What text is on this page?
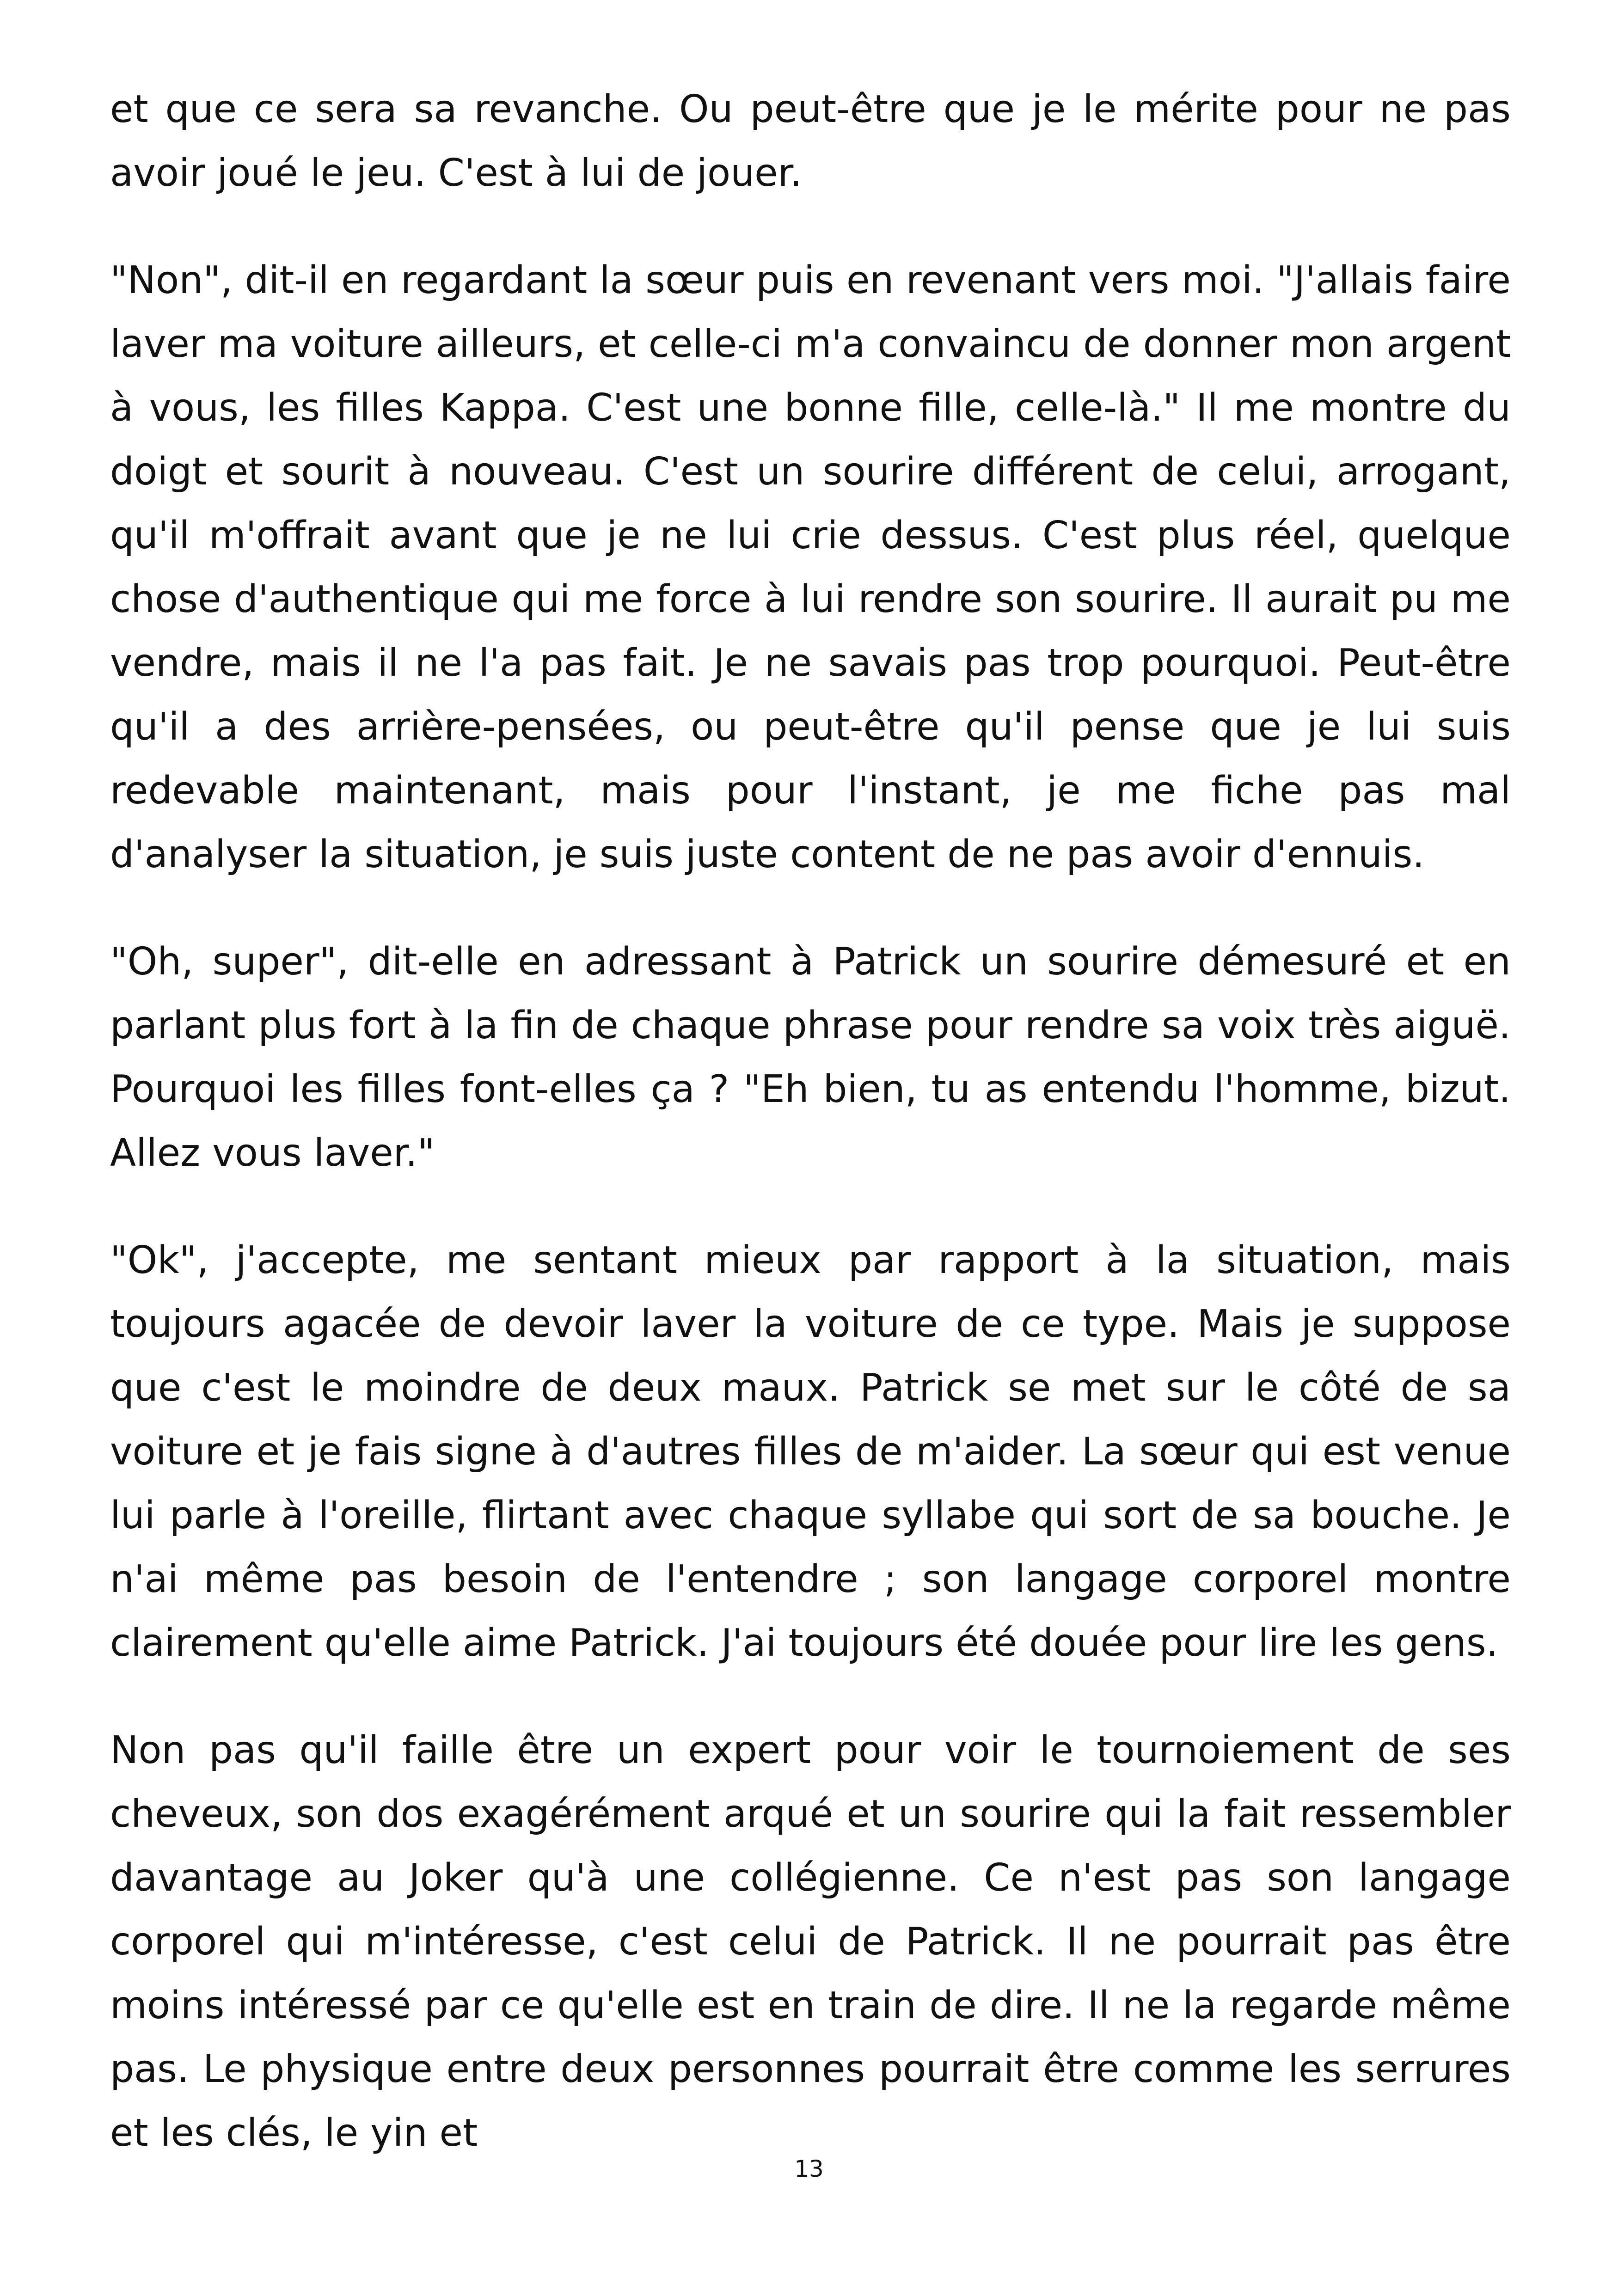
et que ce sera sa revanche. Ou peut-être que je le mérite pour ne pas avoir joué le jeu. C'est à lui de jouer.

"Non", dit-il en regardant la sœur puis en revenant vers moi. "J'allais faire laver ma voiture ailleurs, et celle-ci m'a convaincu de donner mon argent à vous, les filles Kappa. C'est une bonne fille, celle-là." Il me montre du doigt et sourit à nouveau. C'est un sourire différent de celui, arrogant, qu'il m'offrait avant que je ne lui crie dessus. C'est plus réel, quelque chose d'authentique qui me force à lui rendre son sourire. Il aurait pu me vendre, mais il ne l'a pas fait. Je ne savais pas trop pourquoi. Peut-être qu'il a des arrière-pensées, ou peut-être qu'il pense que je lui suis redevable maintenant, mais pour l'instant, je me fiche pas mal d'analyser la situation, je suis juste content de ne pas avoir d'ennuis.

"Oh, super", dit-elle en adressant à Patrick un sourire démesuré et en parlant plus fort à la fin de chaque phrase pour rendre sa voix très aiguë. Pourquoi les filles font-elles ça ? "Eh bien, tu as entendu l'homme, bizut. Allez vous laver."

"Ok", j'accepte, me sentant mieux par rapport à la situation, mais toujours agacée de devoir laver la voiture de ce type. Mais je suppose que c'est le moindre de deux maux. Patrick se met sur le côté de sa voiture et je fais signe à d'autres filles de m'aider. La sœur qui est venue lui parle à l'oreille, flirtant avec chaque syllabe qui sort de sa bouche. Je n'ai même pas besoin de l'entendre ; son langage corporel montre clairement qu'elle aime Patrick. J'ai toujours été douée pour lire les gens.

Non pas qu'il faille être un expert pour voir le tournoiement de ses cheveux, son dos exagérément arqué et un sourire qui la fait ressembler davantage au Joker qu'à une collégienne. Ce n'est pas son langage corporel qui m'intéresse, c'est celui de Patrick. Il ne pourrait pas être moins intéressé par ce qu'elle est en train de dire. Il ne la regarde même pas. Le physique entre deux personnes pourrait être comme les serrures et les clés, le yin et

13
